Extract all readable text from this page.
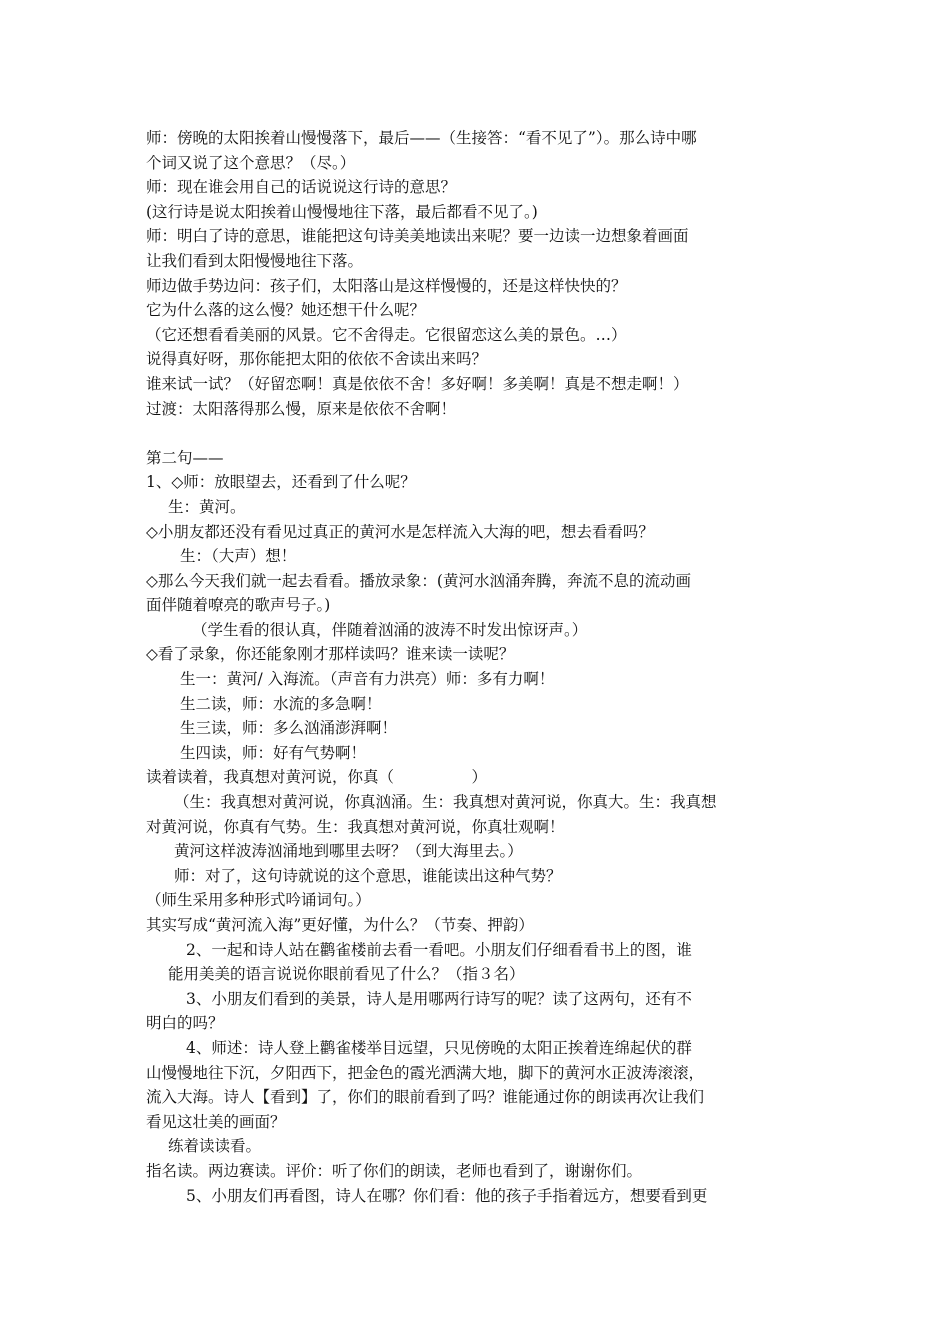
师：傍晚的太阳挨着山慢慢落下，最后——（生接答：“看不见了”）。那么诗中哪
个词又说了这个意思？（尽。）
师：现在谁会用自己的话说说这行诗的意思？
(这行诗是说太阳挨着山慢慢地往下落，最后都看不见了。)
师：明白了诗的意思，谁能把这句诗美美地读出来呢？要一边读一边想象着画面
让我们看到太阳慢慢地往下落。
师边做手势边问：孩子们，太阳落山是这样慢慢的，还是这样快快的？
它为什么落的这么慢？她还想干什么呢？
（它还想看看美丽的风景。它不舍得走。它很留恋这么美的景色。…）
说得真好呀，那你能把太阳的依依不舍读出来吗？
谁来试一试？（好留恋啊！真是依依不舍！多好啊！多美啊！真是不想走啊！）
过渡：太阳落得那么慢，原来是依依不舍啊！
第二句——
1、◇师：放眼望去，还看到了什么呢？
生：黄河。
◇小朋友都还没有看见过真正的黄河水是怎样流入大海的吧，想去看看吗？
生：（大声）想！
◇那么今天我们就一起去看看。播放录象：(黄河水汹涌奔腾，奔流不息的流动画
面伴随着嘹亮的歌声号子。)
（学生看的很认真，伴随着汹涌的波涛不时发出惊讶声。）
◇看了录象，你还能象刚才那样读吗？谁来读一读呢？
生一：黄河/ 入海流。（声音有力洪亮）师：多有力啊！
生二读，师：水流的多急啊！
生三读，师：多么汹涌澎湃啊！
生四读，师：好有气势啊！
读着读着，我真想对黄河说，你真（　　　　　）
（生：我真想对黄河说，你真汹涌。生：我真想对黄河说，你真大。生：我真想
对黄河说，你真有气势。生：我真想对黄河说，你真壮观啊！
黄河这样波涛汹涌地到哪里去呀？（到大海里去。）
师：对了，这句诗就说的这个意思，谁能读出这种气势？
（师生采用多种形式吟诵词句。）
其实写成“黄河流入海”更好懂，为什么？（节奏、押韵）
2、一起和诗人站在鹳雀楼前去看一看吧。小朋友们仔细看看书上的图，谁
能用美美的语言说说你眼前看见了什么？（指３名）
3、小朋友们看到的美景，诗人是用哪两行诗写的呢？读了这两句，还有不
明白的吗？
4、师述：诗人登上鹳雀楼举目远望，只见傍晚的太阳正挨着连绵起伏的群
山慢慢地往下沉，夕阳西下，把金色的霞光洒满大地，脚下的黄河水正波涛滚滚，
流入大海。诗人【看到】了，你们的眼前看到了吗？谁能通过你的朗读再次让我们
看见这壮美的画面？
练着读读看。
指名读。两边赛读。评价：听了你们的朗读，老师也看到了，谢谢你们。
5、小朋友们再看图，诗人在哪？你们看：他的孩子手指着远方，想要看到更
